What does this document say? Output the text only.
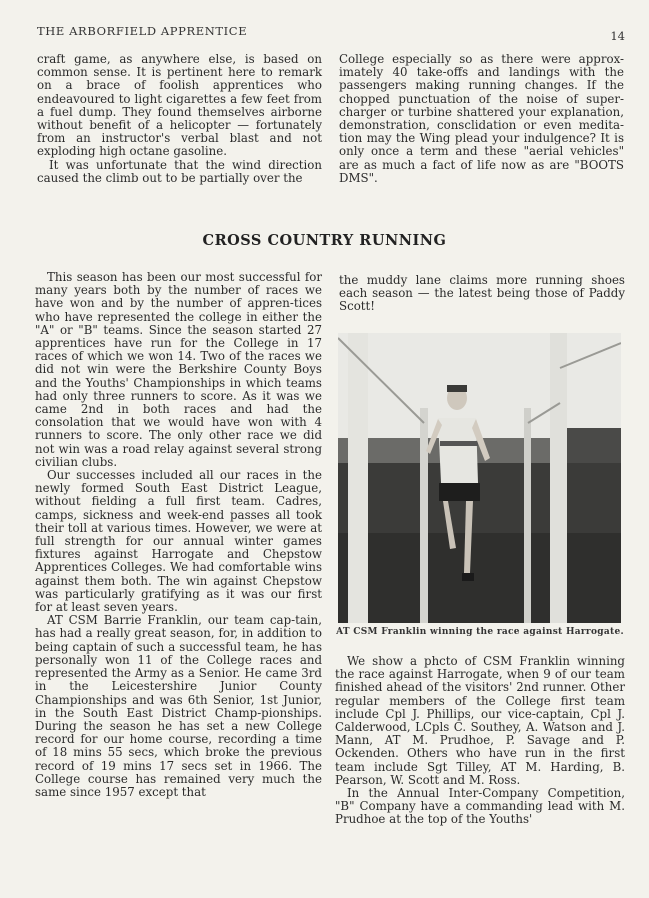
THE ARBORFIELD APPRENTICE	14

craft game, as anywhere else, is based on common sense. It is pertinent here to remark on a brace of foolish apprentices who endeavoured to light cigarettes a few feet from a fuel dump. They found themselves airborne without benefit of a helicopter — fortunately from an instructor's verbal blast and not exploding high octane gasoline.

It was unfortunate that the wind direction caused the climb out to be partially over the

College especially so as there were approx-imately 40 take-offs and landings with the passengers making running changes. If the chopped punctuation of the noise of super-charger or turbine shattered your explanation, demonstration, consclidation or even medita-tion may the Wing plead your indulgence? It is only once a term and these "aerial vehicles" are as much a fact of life now as are "BOOTS DMS".

CROSS COUNTRY RUNNING

This season has been our most successful for many years both by the number of races we have won and by the number of appren-tices who have represented the college in either the "A" or "B" teams. Since the season started 27 apprentices have run for the College in 17 races of which we won 14. Two of the races we did not win were the Berkshire County Boys and the Youths' Championships in which teams had only three runners to score. As it was we came 2nd in both races and had the consolation that we would have won with 4 runners to score. The only other race we did not win was a road relay against several strong civilian clubs.

Our successes included all our races in the newly formed South East District League, without fielding a full first team. Cadres, camps, sickness and week-end passes all took their toll at various times. However, we were at full strength for our annual winter games fixtures against Harrogate and Chepstow Apprentices Colleges. We had comfortable wins against them both. The win against Chepstow was particularly gratifying as it was our first for at least seven years.

AT CSM Barrie Franklin, our team cap-tain, has had a really great season, for, in addition to being captain of such a successful team, he has personally won 11 of the College races and represented the Army as a Senior. He came 3rd in the Leicestershire Junior County Championships and was 6th Senior, 1st Junior, in the South East District Champ-pionships. During the season he has set a new College record for our home course, recording a time of 18 mins 55 secs, which broke the previous record of 19 mins 17 secs set in 1966. The College course has remained very much the same since 1957 except that

the muddy lane claims more running shoes each season — the latest being those of Paddy Scott!

AT CSM Franklin winning the race against Harrogate.

We show a phcto of CSM Franklin winning the race against Harrogate, when 9 of our team finished ahead of the visitors' 2nd runner. Other regular members of the College first team include Cpl J. Phillips, our vice-captain, Cpl J. Calderwood, LCpls C. Southey, A. Watson and J. Mann, AT M. Prudhoe, P. Savage and P. Ockenden. Others who have run in the first team include Sgt Tilley, AT M. Harding, B. Pearson, W. Scott and M. Ross.

In the Annual Inter-Company Competition, "B" Company have a commanding lead with M. Prudhoe at the top of the Youths'
